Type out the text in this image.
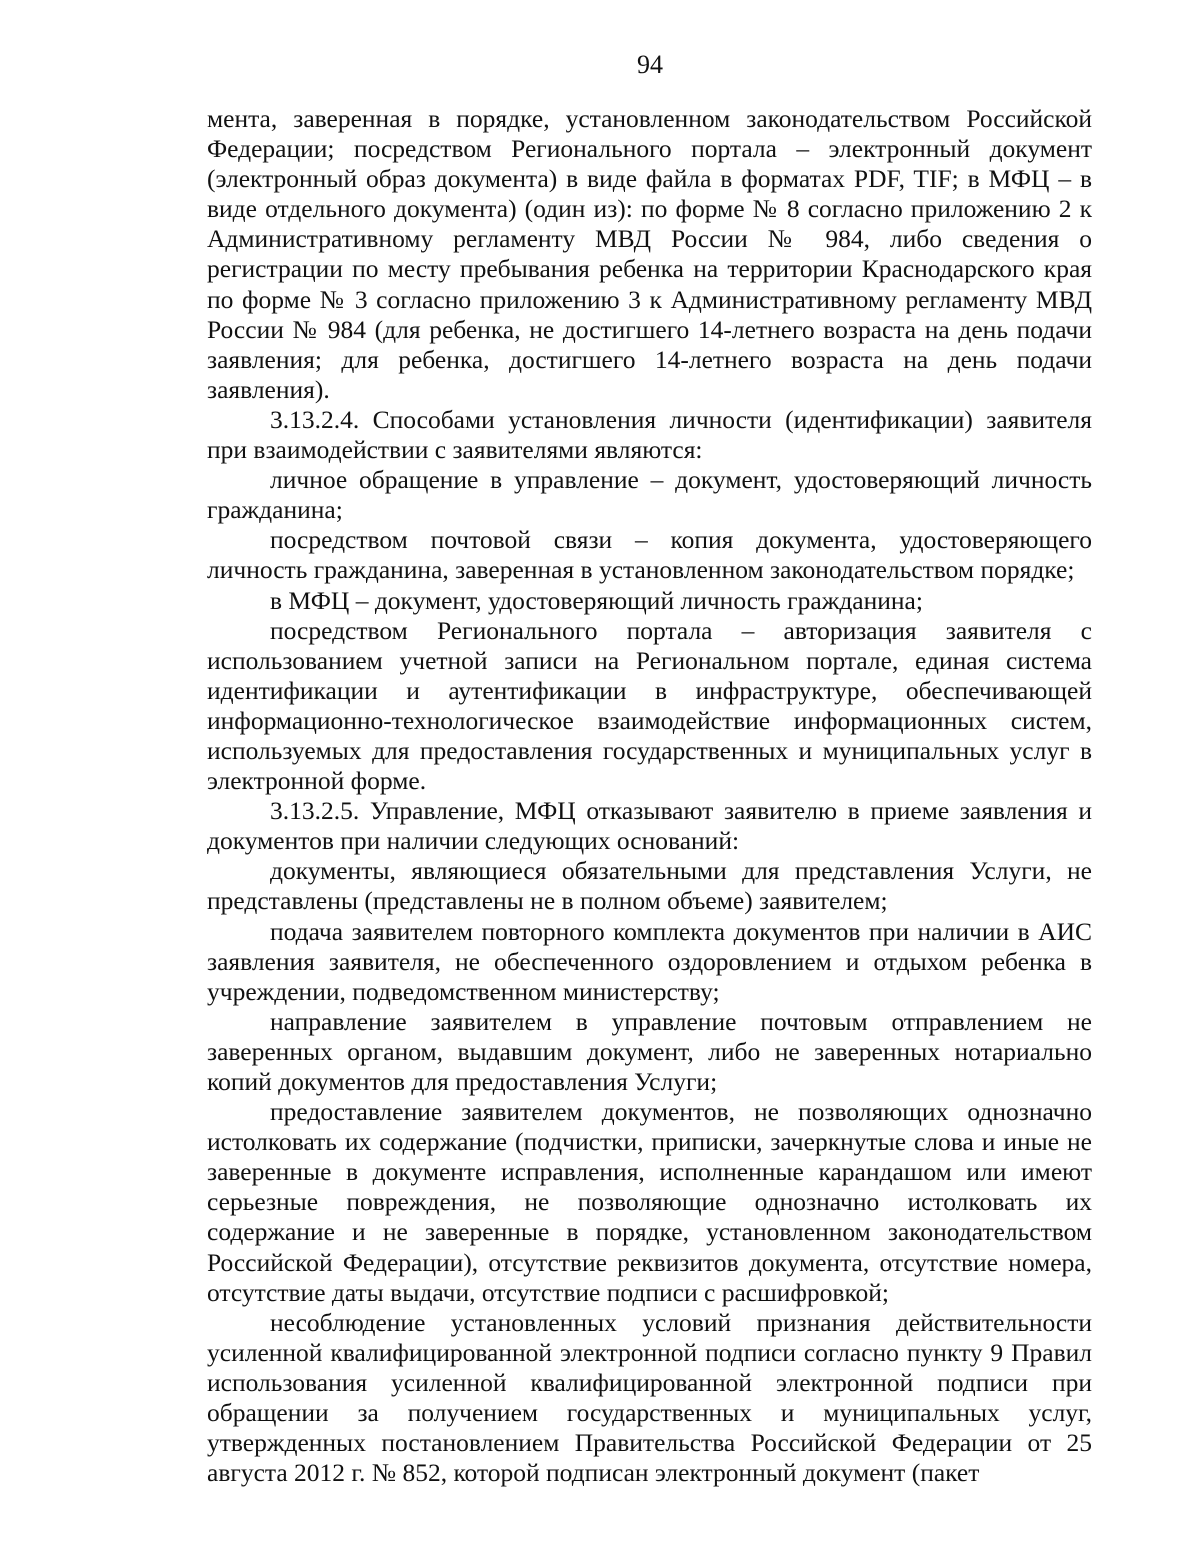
94

мента, заверенная в порядке, установленном законодательством Российской Федерации; посредством Регионального портала – электронный документ (электронный образ документа) в виде файла в форматах PDF, TIF; в МФЦ – в виде отдельного документа) (один из): по форме № 8 согласно приложению 2 к Административному регламенту МВД России № 984, либо сведения о регистрации по месту пребывания ребенка на территории Краснодарского края по форме № 3 согласно приложению 3 к Административному регламенту МВД России № 984 (для ребенка, не достигшего 14-летнего возраста на день подачи заявления; для ребенка, достигшего 14-летнего возраста на день подачи заявления).

3.13.2.4. Способами установления личности (идентификации) заявителя при взаимодействии с заявителями являются:

личное обращение в управление – документ, удостоверяющий личность гражданина;

посредством почтовой связи – копия документа, удостоверяющего личность гражданина, заверенная в установленном законодательством порядке;

в МФЦ – документ, удостоверяющий личность гражданина;

посредством Регионального портала – авторизация заявителя с использованием учетной записи на Региональном портале, единая система идентификации и аутентификации в инфраструктуре, обеспечивающей информационно-технологическое взаимодействие информационных систем, используемых для предоставления государственных и муниципальных услуг в электронной форме.

3.13.2.5. Управление, МФЦ отказывают заявителю в приеме заявления и документов при наличии следующих оснований:

документы, являющиеся обязательными для представления Услуги, не представлены (представлены не в полном объеме) заявителем;

подача заявителем повторного комплекта документов при наличии в АИС заявления заявителя, не обеспеченного оздоровлением и отдыхом ребенка в учреждении, подведомственном министерству;

направление заявителем в управление почтовым отправлением не заверенных органом, выдавшим документ, либо не заверенных нотариально копий документов для предоставления Услуги;

предоставление заявителем документов, не позволяющих однозначно истолковать их содержание (подчистки, приписки, зачеркнутые слова и иные не заверенные в документе исправления, исполненные карандашом или имеют серьезные повреждения, не позволяющие однозначно истолковать их содержание и не заверенные в порядке, установленном законодательством Российской Федерации), отсутствие реквизитов документа, отсутствие номера, отсутствие даты выдачи, отсутствие подписи с расшифровкой;

несоблюдение установленных условий признания действительности усиленной квалифицированной электронной подписи согласно пункту 9 Правил использования усиленной квалифицированной электронной подписи при обращении за получением государственных и муниципальных услуг, утвержденных постановлением Правительства Российской Федерации от 25 августа 2012 г. № 852, которой подписан электронный документ (пакет
